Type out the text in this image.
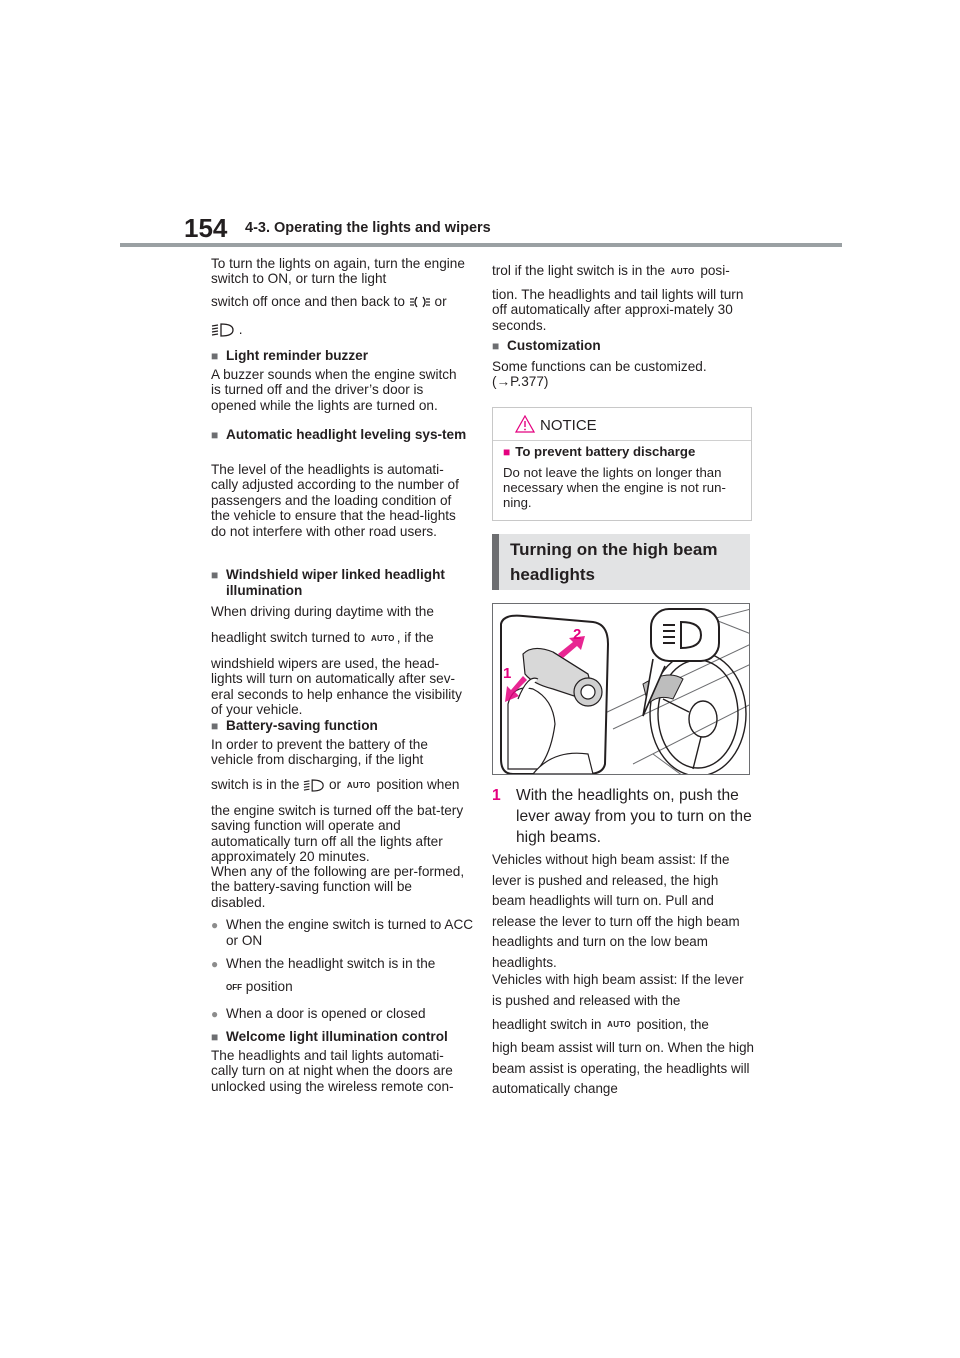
154 4-3. Operating the lights and wipers

To turn the lights on again, turn the engine switch to ON, or turn the light

switch off once and then back to or

.

■ Light reminder buzzer

A buzzer sounds when the engine switch is turned off and the driver’s door is opened while the lights are turned on.

■ Automatic headlight leveling sys-tem

The level of the headlights is automati-cally adjusted according to the number of passengers and the loading condition of the vehicle to ensure that the head-lights do not interfere with other road users.

■ Windshield wiper linked headlight illumination

When driving during daytime with the

headlight switch turned to AUTO , if the

windshield wipers are used, the head-lights will turn on automatically after sev-eral seconds to help enhance the visibility of your vehicle.

■ Battery-saving function

In order to prevent the battery of the vehicle from discharging, if the light

switch is in the or AUTO position when

the engine switch is turned off the bat-tery saving function will operate and automatically turn off all the lights after approximately 20 minutes.

When any of the following are per-formed, the battery-saving function will be disabled.

● When the engine switch is turned to ACC or ON

● When the headlight switch is in the

OFF position

● When a door is opened or closed

■ Welcome light illumination control

The headlights and tail lights automati-cally turn on at night when the doors are unlocked using the wireless remote con-

trol if the light switch is in the AUTO posi-

tion. The headlights and tail lights will turn off automatically after approxi-mately 30 seconds.

■ Customization

Some functions can be customized.

(→P.377)

NOTICE
■ To prevent battery discharge
Do not leave the lights on longer than necessary when the engine is not run-ning.
Turning on the high beam headlights
2
1
1 With the headlights on, push the lever away from you to turn on the high beams.

Vehicles without high beam assist: If the lever is pushed and released, the high beam headlights will turn on. Pull and release the lever to turn off the high beam headlights and turn on the low beam headlights.

Vehicles with high beam assist: If the lever is pushed and released with the

headlight switch in AUTO position, the

high beam assist will turn on. When the high beam assist is operating, the headlights will automatically change
